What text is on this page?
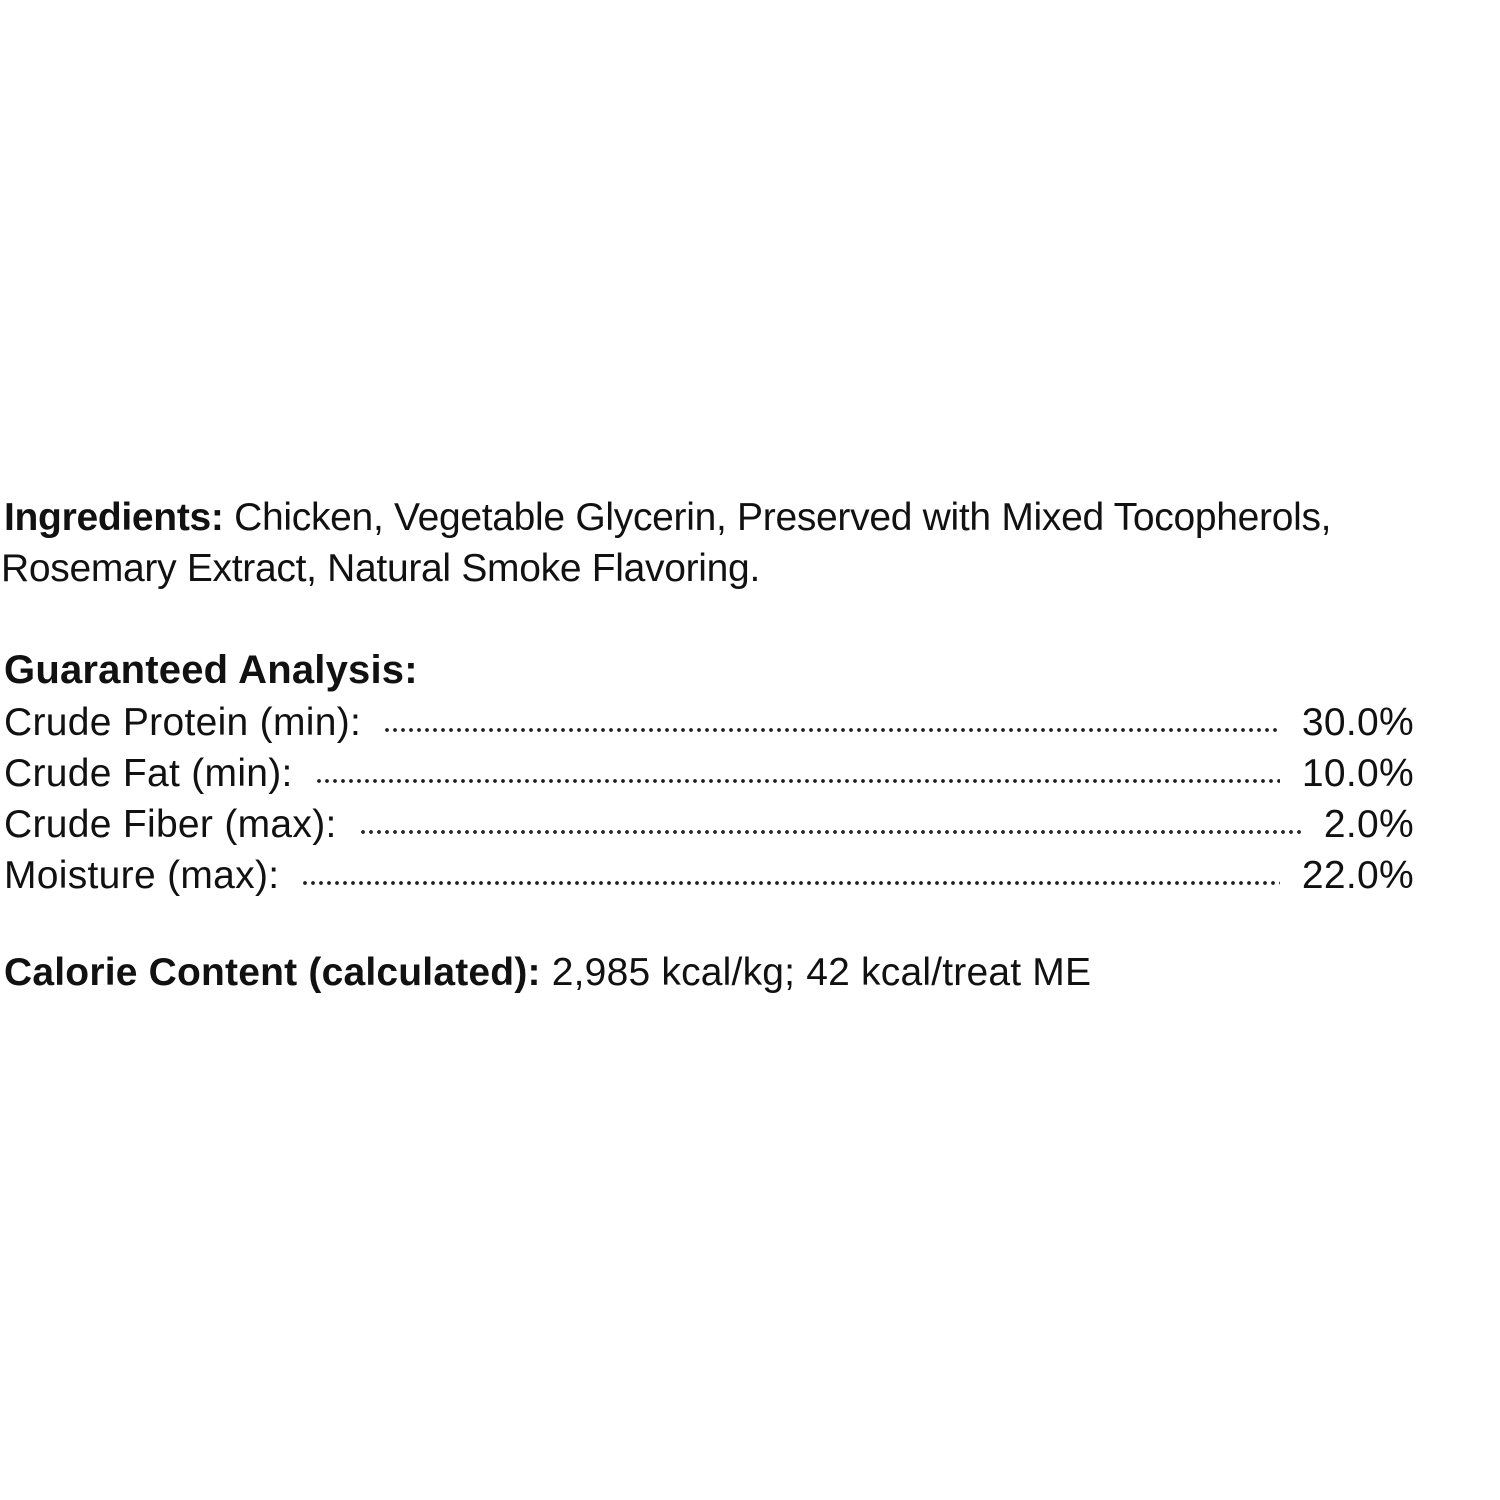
Ingredients: Chicken, Vegetable Glycerin, Preserved with Mixed Tocopherols,
Rosemary Extract, Natural Smoke Flavoring.
Guaranteed Analysis:
Crude Protein (min):	30.0%
Crude Fat (min):	10.0%
Crude Fiber (max):	2.0%
Moisture (max):	22.0%
Calorie Content (calculated): 2,985 kcal/kg; 42 kcal/treat ME
